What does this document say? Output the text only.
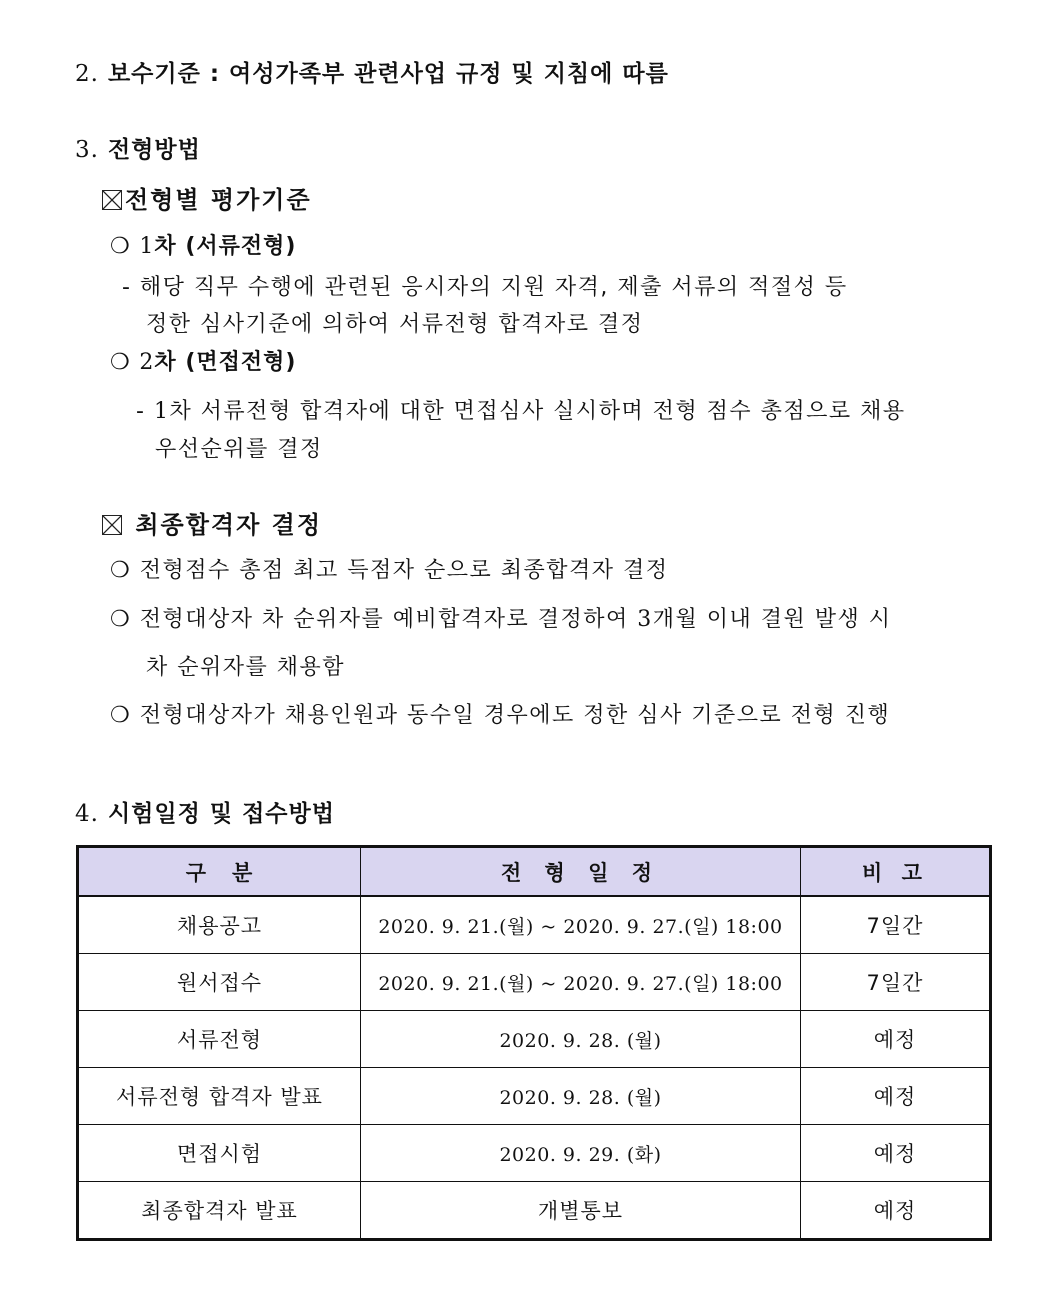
2. 보수기준 : 여성가족부 관련사업 규정 및 지침에 따름
3. 전형방법
전형별 평가기준
❍ 1차 (서류전형)
- 해당 직무 수행에 관련된 응시자의 지원 자격, 제출 서류의 적절성 등
정한 심사기준에 의하여 서류전형 합격자로 결정
❍ 2차 (면접전형)
- 1차 서류전형 합격자에 대한 면접심사 실시하며 전형 점수 총점으로 채용
우선순위를 결정
최종합격자 결정
❍ 전형점수 총점 최고 득점자 순으로 최종합격자 결정
❍ 전형대상자 차 순위자를 예비합격자로 결정하여 3개월 이내 결원 발생 시
차 순위자를 채용함
❍ 전형대상자가 채용인원과 동수일 경우에도 정한 심사 기준으로 전형 진행
4. 시험일정 및 접수방법
구   분	전 형 일 정	비 고
채용공고	2020. 9. 21.(월) ~ 2020. 9. 27.(일) 18:00	7일간
원서접수	2020. 9. 21.(월) ~ 2020. 9. 27.(일) 18:00	7일간
서류전형	2020. 9. 28. (월)	예정
서류전형 합격자 발표	2020. 9. 28. (월)	예정
면접시험	2020. 9. 29. (화)	예정
최종합격자 발표	개별통보	예정
